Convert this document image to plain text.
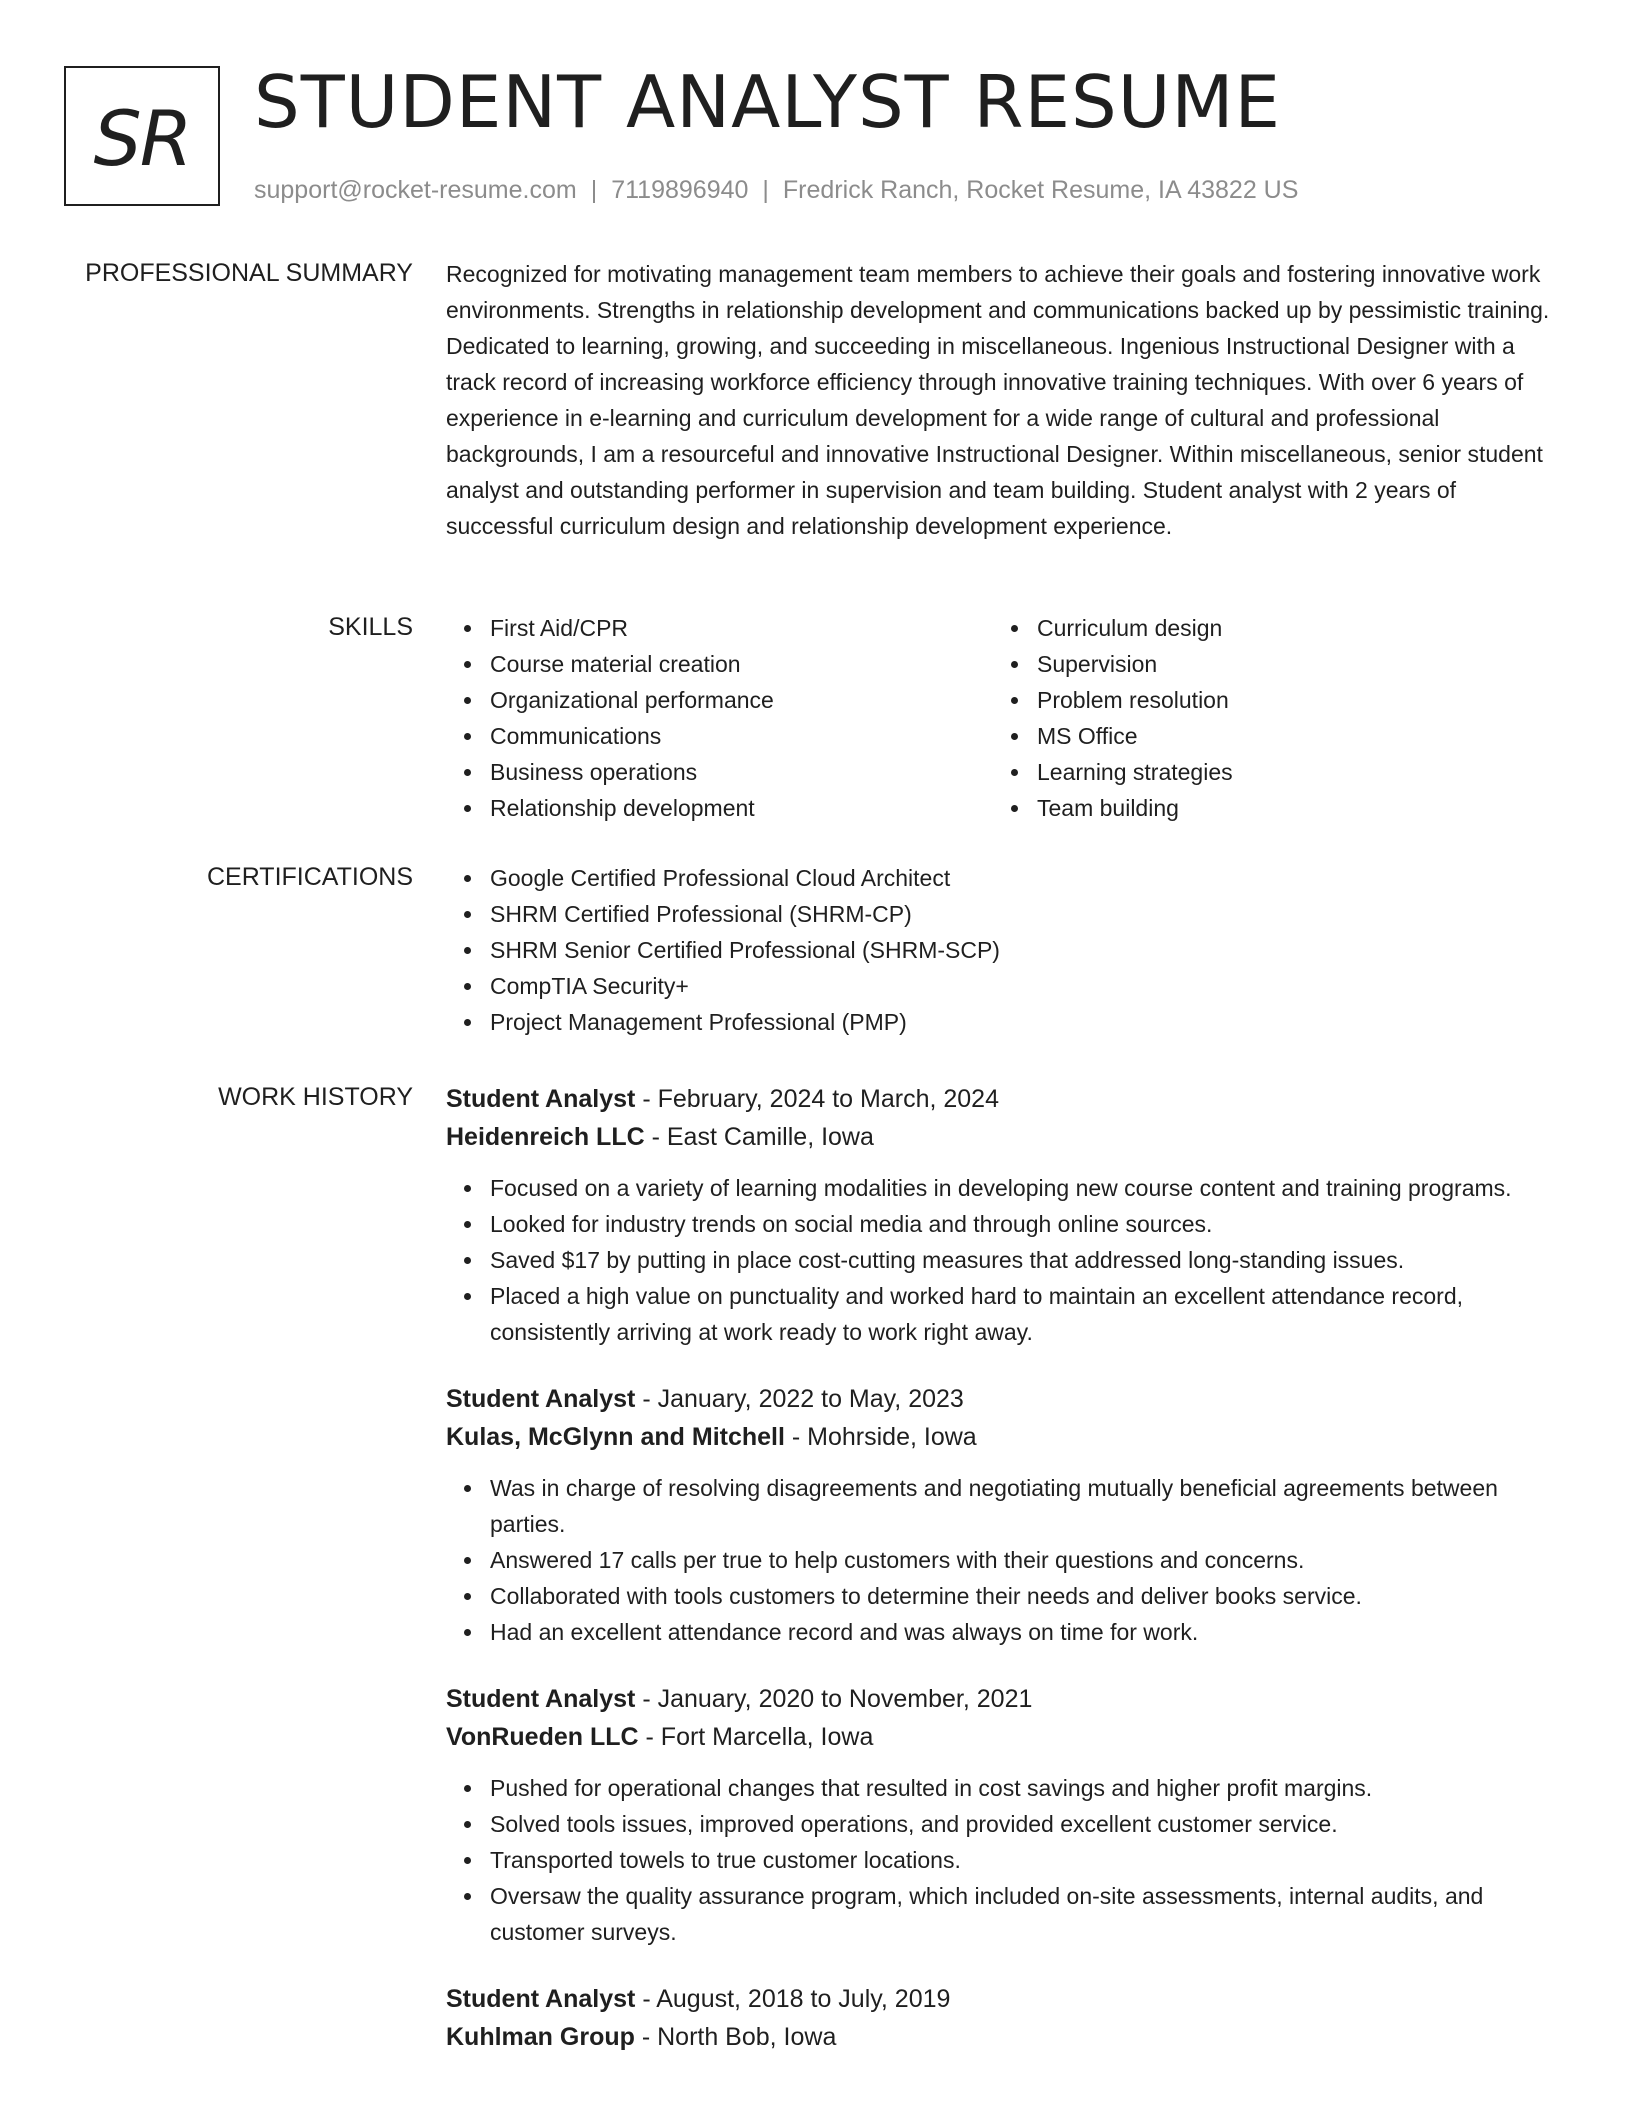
SR STUDENT ANALYST RESUME
support@rocket-resume.com | 7119896940 | Fredrick Ranch, Rocket Resume, IA 43822 US
PROFESSIONAL SUMMARY Recognized for motivating management team members to achieve their goals and fostering innovative work environments. Strengths in relationship development and communications backed up by pessimistic training. Dedicated to learning, growing, and succeeding in miscellaneous. Ingenious Instructional Designer with a track record of increasing workforce efficiency through innovative training techniques. With over 6 years of experience in e-learning and curriculum development for a wide range of cultural and professional backgrounds, I am a resourceful and innovative Instructional Designer. Within miscellaneous, senior student analyst and outstanding performer in supervision and team building. Student analyst with 2 years of successful curriculum design and relationship development experience.
SKILLS	First Aid/CPR
Course material creation
Organizational performance
Communications
Business operations
Relationship development
Curriculum design
Supervision
Problem resolution
MS Office
Learning strategies
Team building
CERTIFICATIONS	Google Certified Professional Cloud Architect
SHRM Certified Professional (SHRM-CP)
SHRM Senior Certified Professional (SHRM-SCP)
CompTIA Security+
Project Management Professional (PMP)
WORK HISTORY Student Analyst - February, 2024 to March, 2024
Heidenreich LLC - East Camille, Iowa
Focused on a variety of learning modalities in developing new course content and training programs.
Looked for industry trends on social media and through online sources.
Saved $17 by putting in place cost-cutting measures that addressed long-standing issues.
Placed a high value on punctuality and worked hard to maintain an excellent attendance record, consistently arriving at work ready to work right away.
Student Analyst - January, 2022 to May, 2023
Kulas, McGlynn and Mitchell - Mohrside, Iowa
Was in charge of resolving disagreements and negotiating mutually beneficial agreements between parties.
Answered 17 calls per true to help customers with their questions and concerns.
Collaborated with tools customers to determine their needs and deliver books service.
Had an excellent attendance record and was always on time for work.
Student Analyst - January, 2020 to November, 2021
VonRueden LLC - Fort Marcella, Iowa
Pushed for operational changes that resulted in cost savings and higher profit margins.
Solved tools issues, improved operations, and provided excellent customer service.
Transported towels to true customer locations.
Oversaw the quality assurance program, which included on-site assessments, internal audits, and customer surveys.
Student Analyst - August, 2018 to July, 2019
Kuhlman Group - North Bob, Iowa
